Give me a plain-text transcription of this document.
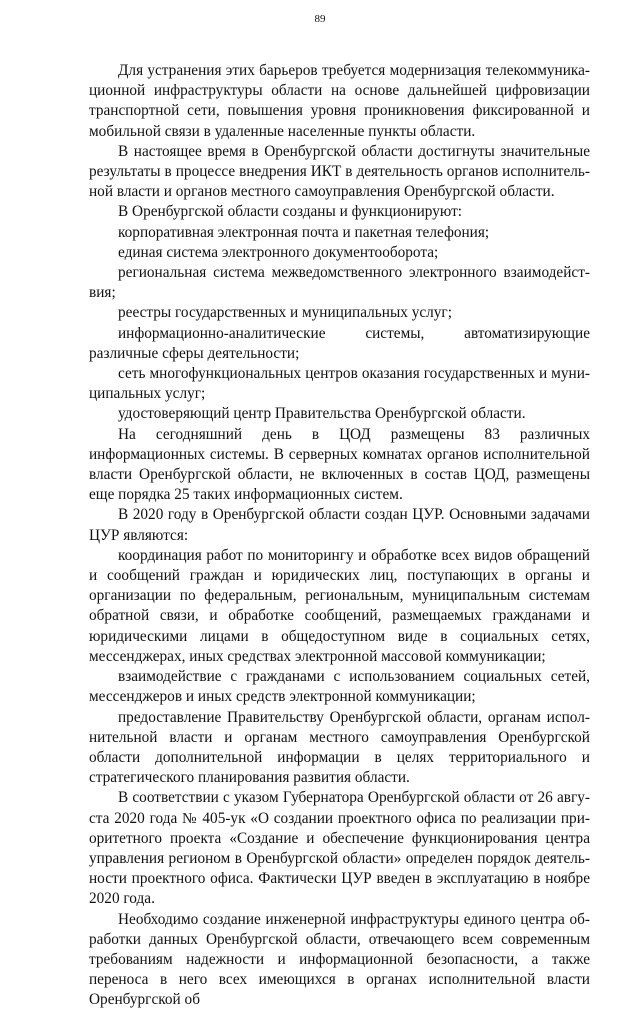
89

Для устранения этих барьеров требуется модернизация телекоммуникационной инфраструктуры области на основе дальнейшей цифровизации транспортной сети, повышения уровня проникновения фиксированной и мобильной связи в удаленные населенные пункты области.

В настоящее время в Оренбургской области достигнуты значительные результаты в процессе внедрения ИКТ в деятельность органов исполнительной власти и органов местного самоуправления Оренбургской области.

В Оренбургской области созданы и функционируют:

корпоративная электронная почта и пакетная телефония;

единая система электронного документооборота;

региональная система межведомственного электронного взаимодействия;

реестры государственных и муниципальных услуг;

информационно-аналитические системы, автоматизирующие различные сферы деятельности;

сеть многофункциональных центров оказания государственных и муниципальных услуг;

удостоверяющий центр Правительства Оренбургской области.

На сегодняшний день в ЦОД размещены 83 различных информационных системы. В серверных комнатах органов исполнительной власти Оренбургской области, не включенных в состав ЦОД, размещены еще порядка 25 таких информационных систем.

В 2020 году в Оренбургской области создан ЦУР. Основными задачами ЦУР являются:

координация работ по мониторингу и обработке всех видов обращений и сообщений граждан и юридических лиц, поступающих в органы и организации по федеральным, региональным, муниципальным системам обратной связи, и обработке сообщений, размещаемых гражданами и юридическими лицами в общедоступном виде в социальных сетях, мессенджерах, иных средствах электронной массовой коммуникации;

взаимодействие с гражданами с использованием социальных сетей, мессенджеров и иных средств электронной коммуникации;

предоставление Правительству Оренбургской области, органам исполнительной власти и органам местного самоуправления Оренбургской области дополнительной информации в целях территориального и стратегического планирования развития области.

В соответствии с указом Губернатора Оренбургской области от 26 августа 2020 года № 405-ук «О создании проектного офиса по реализации приоритетного проекта «Создание и обеспечение функционирования центра управления регионом в Оренбургской области» определен порядок деятельности проектного офиса. Фактически ЦУР введен в эксплуатацию в ноябре 2020 года.

Необходимо создание инженерной инфраструктуры единого центра обработки данных Оренбургской области, отвечающего всем современным требованиям надежности и информационной безопасности, а также переноса в него всех имеющихся в органах исполнительной власти Оренбургской об
